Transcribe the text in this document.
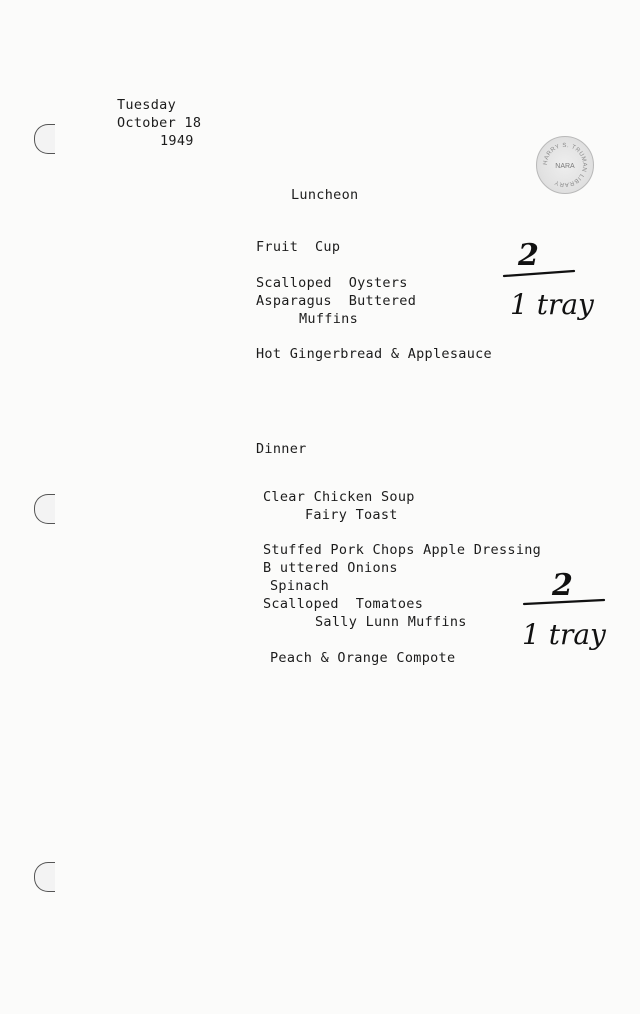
HARRY S. TRUMAN LIBRARY
NARA
Tuesday
October 18
1949
Luncheon
Fruit  Cup
Scalloped  Oysters
Asparagus  Buttered
Muffins
Hot Gingerbread & Applesauce
2
1 tray
Dinner
Clear Chicken Soup
Fairy Toast
Stuffed Pork Chops Apple Dressing
B uttered Onions
Spinach
Scalloped  Tomatoes
Sally Lunn Muffins
Peach & Orange Compote
2
1 tray
